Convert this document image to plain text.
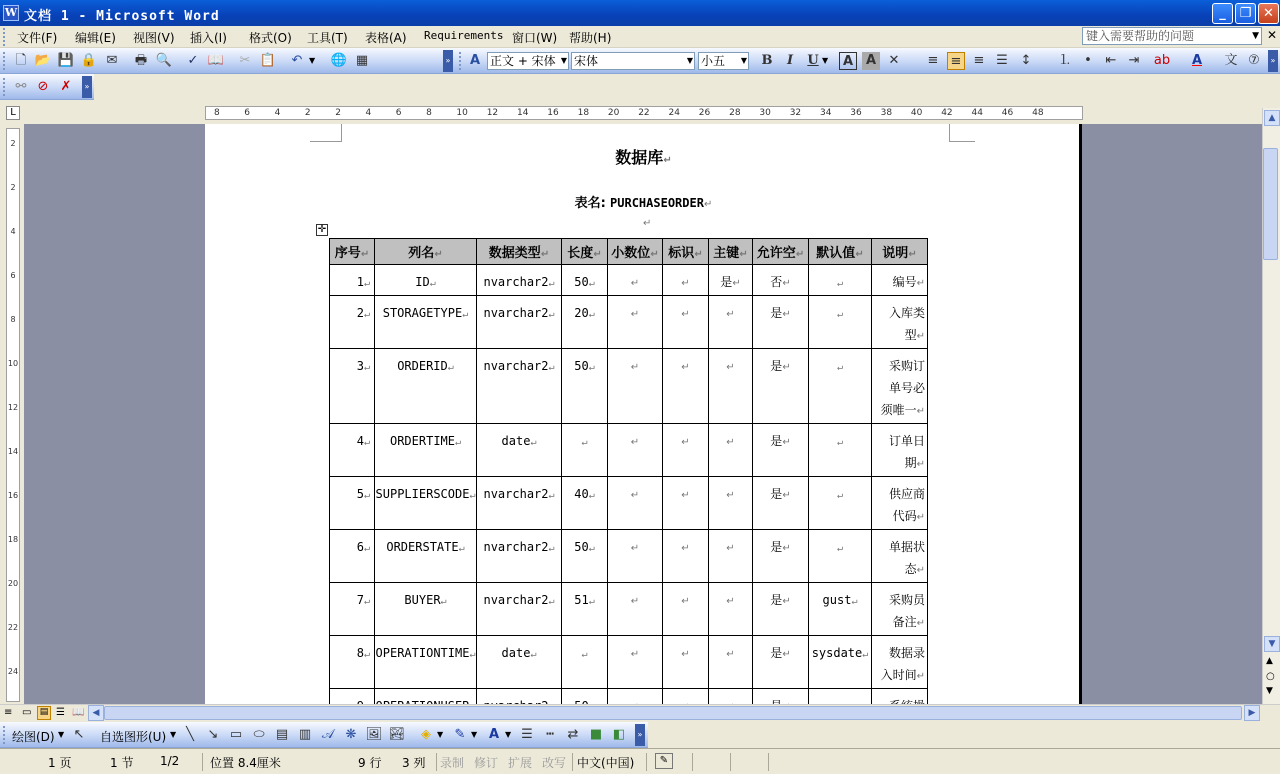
W 文档 1 - Microsoft Word	_	❐ ✕
文件(F) 编辑(E) 视图(V) 插入(I) 格式(O) 工具(T) 表格(A) Requirements 窗口(W) 帮助(H)	键入需要帮助的问题	▼ ✕
🗋 📂 💾 🔒 ✉ 🖶 🔍 ✓ 📖 ✂ 📋 ↶ ▼ 🌐 ▦	»	A 正文 + 宋体 ▼ 宋体	▼ 小五 ▼ B	I	U ▼	A A ✕ ≡ ≡ ≡ ☰ ↕ ⒈ •	⇤ ⇥ ab	A	文 ⑦	»
⚯ ⊘ ✗	»
L	8	6	4	2	2	4	6	8	10 12 14 16 18 20 22 24 26 28 30 32 34 36 38 40 42 44 46 48
2
2
4
6
8
10
12
14
16
18
20
22
24
数据库↵
表名: PURCHASEORDER↵
↵
✛
序号↵	列名↵	数据类型↵	长度↵	小数位↵	标识↵	主键↵	允许空↵	默认值↵	说明↵
1↵	ID↵	nvarchar2↵	50↵	↵	↵	是↵	否↵	↵	编号↵
2↵	STORAGETYPE↵	nvarchar2↵	20↵	↵	↵	↵	是↵	↵	入库类型↵
3↵	ORDERID↵	nvarchar2↵	50↵	↵	↵	↵	是↵	↵	采购订单号必须唯一↵
4↵	ORDERTIME↵	date↵	↵	↵	↵	↵	是↵	↵	订单日期↵
5↵	SUPPLIERSCODE↵	nvarchar2↵	40↵	↵	↵	↵	是↵	↵	供应商代码↵
6↵	ORDERSTATE↵	nvarchar2↵	50↵	↵	↵	↵	是↵	↵	单据状态↵
7↵	BUYER↵	nvarchar2↵	51↵	↵	↵	↵	是↵	gust↵	采购员备注↵
8↵	OPERATIONTIME↵	date↵	↵	↵	↵	↵	是↵	sysdate↵	数据录入时间↵

▲
▼
▲
○
▼
≡ ▭ ▤ ☰ 📖 ◀	▶
绘图(D) ▼ ↖ 自选图形(U) ▼ ╲	↘ ▭ ⬭ ▤ ▥ 𝒜 ❋ 🖼 🏞	◈ ▼ ✎ ▼ A ▼ ☰	┅	⇄ ■ ◧	»
1 页	1 节 1/2	位置 8.4厘米	9 行 3 列 录制 修订 扩展 改写 中文(中国)	✎
